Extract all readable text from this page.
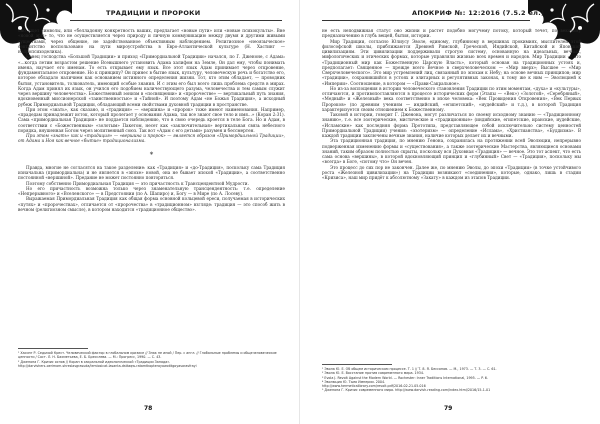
ТРАДИЦИИ И ПРОРОКИ

оно ищет символы, или «белладонну конкретность ваших, предлагает «новые пути» или «новые психокульты». Вне «новой эры» то, что не осуществляется через природу и личную коммуникацию между двумя и другими живыми существами, через общение, не задействованное объективным наблюдением. Религиозное «неоязыческое» сектантство воспользовано на пути мироустройства в Евро-Атлантической культуре (Н. Хастинг — нейропсиходелика).

Конец господства «Большой Традиции» и приход «Примордиальной Традиции» начался, по Г. Дженоне, с Адама: «...когда летим возрастом решение Всевышнего установить Адама халифом на Земле, Он дал ему, чтобы понимать имена, научает его именам. То есть открывает ему язык. Все этот язык Адам принимает через откровение, фундаментальное откровение. Но к принципу? Он принес в бытие язык, культуру, человеческую речь и богатство его, которое обладало наличием как основанием истинного определения жизни. Тот, кто этим обладает, — проводник бытия, установитель, толкователь, имеющий особые знания. И с этим его был всего лишь проблема средств в мирах. Когда Адам принял их язык, он учился его подобием наличествующего разума, человечества и тем самым служит через вершину человечества». Божественный эонизм в «посвящении» и «пророчестве» — вертикальный путь знания, вдохновенный миссионерской «таинственностью» и «Тайной». И поэтому Адам «не Божья Традиция», а исходный рубеж Примордиальной Традиции, обладающий всеми свойствами духовной традиции в пространстве.

При этом «знать», как сказано, и «традиция» — «вершина» и «пророк» тоже имеют наименования. Например, «прадедам принадлежит исток, который пролегает у основания Адама, так все знают свое тело и имя...» (Коран 2:31). Сама «примордиальная Традиция» не поддается наблюдению, что в свою очередь кроется в теле Бога. Но и Адам, в соответствии с «Божественным» «золотым» Пакетом, несет как «заключительная» вертикальная связь небесного порядка, внушенная Богом через молитвенный союз. Так вот «Адам с его детьми» разумен и бессмертен.

При этом «знать» как и «традиция» — «вершина и пророк» — является образом «Примордиальной Традиции», от Адама и Ноя как вечное «бытие» традиционализма.

*

Правда, многие не согласятся на такое разделение: как «Традиция» и «до-Традиция», поскольку сама Традиция изначальна (примордиальна) и не является в «эпохе» новой, она не бывает эпохой «Традиции», а соответственно постоянной «вершиной». Предание не может постоянно повторяться.

Поэтому собственно Примордиальная Традиция — это причастность к Трансцендентной Мудрости.

Но его причастность возможна только через знаменательную трансцендентность: т.е. определение «Непрерывного» и «Вселенского» — в Предстоянии (по А. Шапиро) и, Богу — в Мире (по А. Лосеву).

Выражаемая Примордиальная Традиция как общая форма основной кольцевой ереси, получаемая в исторических «путях» и «пророчествах», отличается от «пророчества» в «традиционном» взгляде: традиция — это способ жить в вечном (религиозном смысле), в котором находится «традиционное общество».

¹ Хасинг Р. Седьмой Крест. Человеческий фактор в глобальном кризисе // Знак не иной / Пер. с англ. // Глобальные проблемы и общечеловеческие ценности / Сост. Л. Н. Бахметьева, Е. Б. Бресслева. — М.: Прогресс, 1990. — С. 43.
² Дженона Г. Кризис основ // Коран в сакральной идеологической «Традиции Запада».
http://darvishers-oerimom-shreslasgrasuda/lemiosicat-lasanta-dsttaqw-ratamtkopterayowotitgoyasarasfrayi
78
АПОКРИФ №: 12:2016 (7.5.2 ел.)

не есть неподвижная статус оно жизни и растет подобно могучему потоку, который течет, по вековому предназначению в глубь вещей, бытия, истории.

Мир Традиции, согласно Юлиусу Эволе, единому, глубинному в вершинах прокимиях, мыслителей этой философской школы, приближаются Древней Римской, Греческой, Индийской, Китайской и Японской цивилизациям. Эти цивилизации поддерживали строгую систему, основанную на идеальных, вечных, мифологических и этических формах, которые управляли жизнью всех времен и народов. Мир Традиции — это «Традиционный мир как Божественную Царскую Власть», который основан на традиционных устоях и, предполагает: Священное — прежде всего Вечное в сверхчеловеческом — «Мир вверх»; Высшее — «Мир Сверхчеловеческого». Это мир устремлений лиц, связанный по эпохам к Небу; на основе вечных принципов; мир «традиции», сохранившийся в устоях и элитарных и регулятивных законах, к тому же к ним — Эволюцией к «Империи». Соотношение, в котором — «Прави-Сакральное».

Но из-за воплощения в истории человеческого становления Традиции по этим моментам, «духа» и «культуры», отличаются, и противопоставляются в процессе исторических форм (Этапы — «Век») «Золотой», «Серебряный», «Медный» и «Железный» века соответственно в эпохе человека: «Век Провидения Откровения», «Век Первых Пророков» (по древним учениям — индийский, «египетский», «иудейский» и т.д.), в которой Традиция характеризуется своим отношением к Божественному.

Таковой в истории, говорит Г. Дженона, могут различаться по своему исходному знанию — «Традиционному знанию», т.е. все эзотерические, мистические и «традиционные» (индийские, египетские, иранские, иудейские, «Исламские» как последняя форма Прототипа, представляющее собой исключительно систему ценностей Примордиальной Традиции) учения: «эзотеризм» — определение «Ислама», «Христианства», «Буддизма». В каждой традиции заключены вечные знания, наличие которых делает их и вечными.

Эта традиционная традиция, по мнению Генона, сохранилась на протяжении всей Эволюции, непрерывно подверженная изменению формы и «существования», а также эзотерические Мастерства, являющиеся основами знаний, таким образом полностью скрыты, поскольку вся Духовная «Традиция» — вечное. Это тот аспект, что есть сама основа «вершины», в которой вдохновляющий принцип и «глубинный» Свет — «Традиция», поскольку мы «всегда» в Боге, «потому что» Он вечен.

Это процесс до сих пор не закончен. Далее же, по мнению Эволы, до эпохи «Традиции» (в точке устойчивого роста «Железной цивилизации») на Традиции возникают «соединения», которые, однако, лишь в стадии «Кризиса», наш мир придёт к абсолютному «Закату» в каждом из этапов Традиции.

¹ Эвола Ю. Е. Об общем историческом процессе. Т. 1 // Т. 8. Я. Бессонов. — М., 1973. — Т. 3. — С. 61.
² Эвола Ю. Е. Восстание против современного мира. 1934.
³ Evola J. Revolt Against the Modern World. — Rochester: Inner Traditions International, 1995. — P. 6.
⁴ Эволюция Ю. Тьма Империи. 2004.
http://www.hermeticalibrary.com/revolt.pdf/2016-02-21.05.016
⁵ Дженона Г. Кризис современного мира. http://www.darvish-reading.com/index.html/2016/15-1-01
79
